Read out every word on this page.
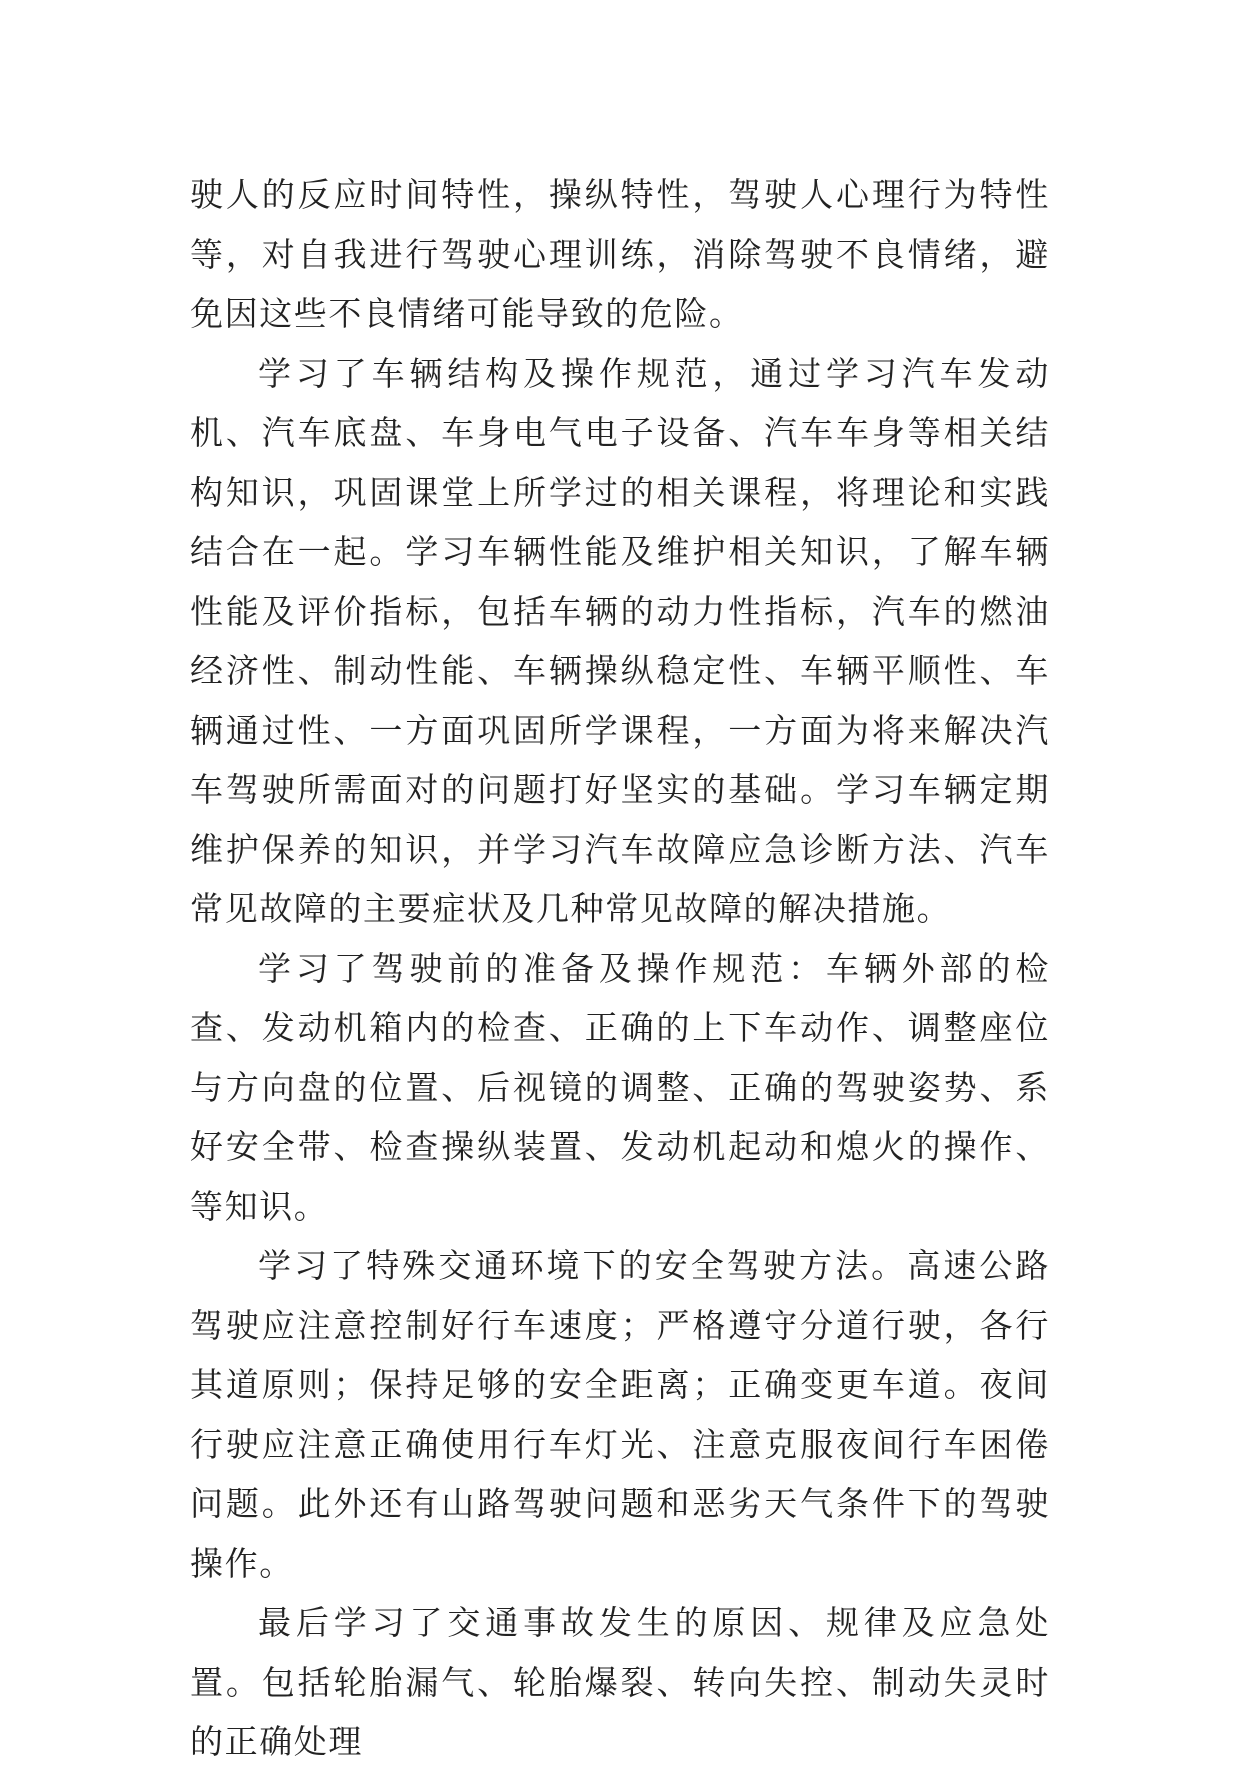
驶人的反应时间特性，操纵特性，驾驶人心理行为特性等，对自我进行驾驶心理训练，消除驾驶不良情绪，避免因这些不良情绪可能导致的危险。

学习了车辆结构及操作规范，通过学习汽车发动机、汽车底盘、车身电气电子设备、汽车车身等相关结构知识，巩固课堂上所学过的相关课程，将理论和实践结合在一起。学习车辆性能及维护相关知识，了解车辆性能及评价指标，包括车辆的动力性指标，汽车的燃油经济性、制动性能、车辆操纵稳定性、车辆平顺性、车辆通过性、一方面巩固所学课程，一方面为将来解决汽车驾驶所需面对的问题打好坚实的基础。学习车辆定期维护保养的知识，并学习汽车故障应急诊断方法、汽车常见故障的主要症状及几种常见故障的解决措施。

学习了驾驶前的准备及操作规范：车辆外部的检查、发动机箱内的检查、正确的上下车动作、调整座位与方向盘的位置、后视镜的调整、正确的驾驶姿势、系好安全带、检查操纵装置、发动机起动和熄火的操作、等知识。

学习了特殊交通环境下的安全驾驶方法。高速公路驾驶应注意控制好行车速度；严格遵守分道行驶，各行其道原则；保持足够的安全距离；正确变更车道。夜间行驶应注意正确使用行车灯光、注意克服夜间行车困倦问题。此外还有山路驾驶问题和恶劣天气条件下的驾驶操作。

最后学习了交通事故发生的原因、规律及应急处置。包括轮胎漏气、轮胎爆裂、转向失控、制动失灵时的正确处理
